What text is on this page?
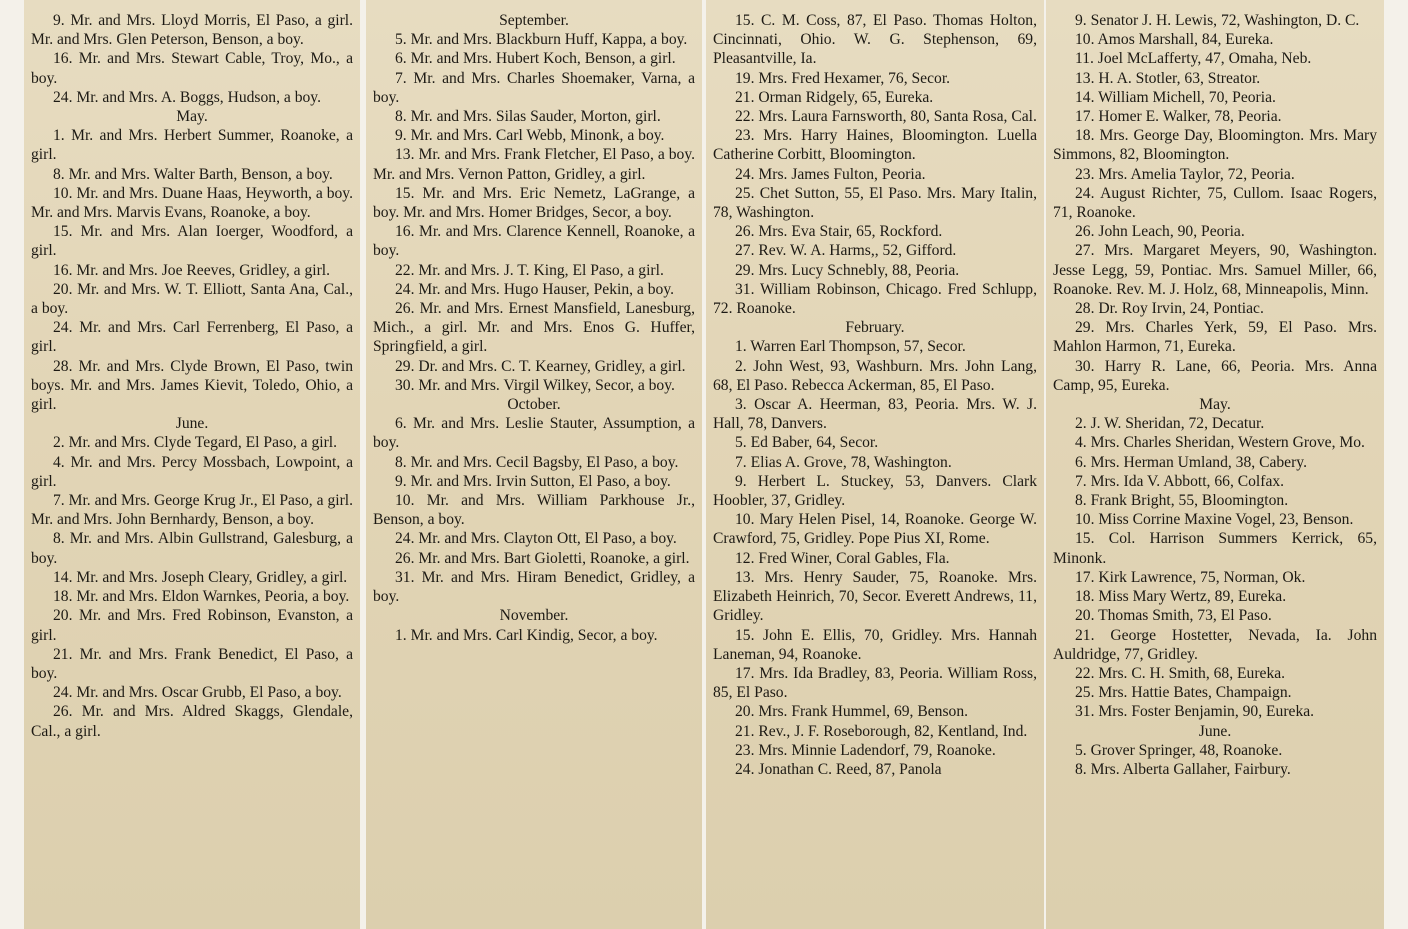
9. Mr. and Mrs. Lloyd Morris, El Paso, a girl. Mr. and Mrs. Glen Peterson, Benson, a boy.

16. Mr. and Mrs. Stewart Cable, Troy, Mo., a boy.

24. Mr. and Mrs. A. Boggs, Hudson, a boy.

May.

1. Mr. and Mrs. Herbert Summer, Roanoke, a girl.

8. Mr. and Mrs. Walter Barth, Benson, a boy.

10. Mr. and Mrs. Duane Haas, Heyworth, a boy. Mr. and Mrs. Marvis Evans, Roanoke, a boy.

15. Mr. and Mrs. Alan Ioerger, Woodford, a girl.

16. Mr. and Mrs. Joe Reeves, Gridley, a girl.

20. Mr. and Mrs. W. T. Elliott, Santa Ana, Cal., a boy.

24. Mr. and Mrs. Carl Ferrenberg, El Paso, a girl.

28. Mr. and Mrs. Clyde Brown, El Paso, twin boys. Mr. and Mrs. James Kievit, Toledo, Ohio, a girl.

June.

2. Mr. and Mrs. Clyde Tegard, El Paso, a girl.

4. Mr. and Mrs. Percy Mossbach, Lowpoint, a girl.

7. Mr. and Mrs. George Krug Jr., El Paso, a girl. Mr. and Mrs. John Bernhardy, Benson, a boy.

8. Mr. and Mrs. Albin Gullstrand, Galesburg, a boy.

14. Mr. and Mrs. Joseph Cleary, Gridley, a girl.

18. Mr. and Mrs. Eldon Warnkes, Peoria, a boy.

20. Mr. and Mrs. Fred Robinson, Evanston, a girl.

21. Mr. and Mrs. Frank Benedict, El Paso, a boy.

24. Mr. and Mrs. Oscar Grubb, El Paso, a boy.

26. Mr. and Mrs. Aldred Skaggs, Glendale, Cal., a girl.

September.

5. Mr. and Mrs. Blackburn Huff, Kappa, a boy.

6. Mr. and Mrs. Hubert Koch, Benson, a girl.

7. Mr. and Mrs. Charles Shoemaker, Varna, a boy.

8. Mr. and Mrs. Silas Sauder, Morton, girl.

9. Mr. and Mrs. Carl Webb, Minonk, a boy.

13. Mr. and Mrs. Frank Fletcher, El Paso, a boy. Mr. and Mrs. Vernon Patton, Gridley, a girl.

15. Mr. and Mrs. Eric Nemetz, LaGrange, a boy. Mr. and Mrs. Homer Bridges, Secor, a boy.

16. Mr. and Mrs. Clarence Kennell, Roanoke, a boy.

22. Mr. and Mrs. J. T. King, El Paso, a girl.

24. Mr. and Mrs. Hugo Hauser, Pekin, a boy.

26. Mr. and Mrs. Ernest Mansfield, Lanesburg, Mich., a girl. Mr. and Mrs. Enos G. Huffer, Springfield, a girl.

29. Dr. and Mrs. C. T. Kearney, Gridley, a girl.

30. Mr. and Mrs. Virgil Wilkey, Secor, a boy.

October.

6. Mr. and Mrs. Leslie Stauter, Assumption, a boy.

8. Mr. and Mrs. Cecil Bagsby, El Paso, a boy.

9. Mr. and Mrs. Irvin Sutton, El Paso, a boy.

10. Mr. and Mrs. William Parkhouse Jr., Benson, a boy.

24. Mr. and Mrs. Clayton Ott, El Paso, a boy.

26. Mr. and Mrs. Bart Gioletti, Roanoke, a girl.

31. Mr. and Mrs. Hiram Benedict, Gridley, a boy.

November.

1. Mr. and Mrs. Carl Kindig, Secor, a boy.

15. C. M. Coss, 87, El Paso. Thomas Holton, Cincinnati, Ohio. W. G. Stephenson, 69, Pleasantville, Ia.

19. Mrs. Fred Hexamer, 76, Secor.

21. Orman Ridgely, 65, Eureka.

22. Mrs. Laura Farnsworth, 80, Santa Rosa, Cal.

23. Mrs. Harry Haines, Bloomington. Luella Catherine Corbitt, Bloomington.

24. Mrs. James Fulton, Peoria.

25. Chet Sutton, 55, El Paso. Mrs. Mary Italin, 78, Washington.

26. Mrs. Eva Stair, 65, Rockford.

27. Rev. W. A. Harms,, 52, Gifford.

29. Mrs. Lucy Schnebly, 88, Peoria.

31. William Robinson, Chicago. Fred Schlupp, 72. Roanoke.

February.

1. Warren Earl Thompson, 57, Secor.

2. John West, 93, Washburn. Mrs. John Lang, 68, El Paso. Rebecca Ackerman, 85, El Paso.

3. Oscar A. Heerman, 83, Peoria. Mrs. W. J. Hall, 78, Danvers.

5. Ed Baber, 64, Secor.

7. Elias A. Grove, 78, Washington.

9. Herbert L. Stuckey, 53, Danvers. Clark Hoobler, 37, Gridley.

10. Mary Helen Pisel, 14, Roanoke. George W. Crawford, 75, Gridley. Pope Pius XI, Rome.

12. Fred Winer, Coral Gables, Fla.

13. Mrs. Henry Sauder, 75, Roanoke. Mrs. Elizabeth Heinrich, 70, Secor. Everett Andrews, 11, Gridley.

15. John E. Ellis, 70, Gridley. Mrs. Hannah Laneman, 94, Roanoke.

17. Mrs. Ida Bradley, 83, Peoria. William Ross, 85, El Paso.

20. Mrs. Frank Hummel, 69, Benson.

21. Rev., J. F. Roseborough, 82, Kentland, Ind.

23. Mrs. Minnie Ladendorf, 79, Roanoke.

24. Jonathan C. Reed, 87, Panola

9. Senator J. H. Lewis, 72, Washington, D. C.

10. Amos Marshall, 84, Eureka.

11. Joel McLafferty, 47, Omaha, Neb.

13. H. A. Stotler, 63, Streator.

14. William Michell, 70, Peoria.

17. Homer E. Walker, 78, Peoria.

18. Mrs. George Day, Bloomington. Mrs. Mary Simmons, 82, Bloomington.

23. Mrs. Amelia Taylor, 72, Peoria.

24. August Richter, 75, Cullom. Isaac Rogers, 71, Roanoke.

26. John Leach, 90, Peoria.

27. Mrs. Margaret Meyers, 90, Washington. Jesse Legg, 59, Pontiac. Mrs. Samuel Miller, 66, Roanoke. Rev. M. J. Holz, 68, Minneapolis, Minn.

28. Dr. Roy Irvin, 24, Pontiac.

29. Mrs. Charles Yerk, 59, El Paso. Mrs. Mahlon Harmon, 71, Eureka.

30. Harry R. Lane, 66, Peoria. Mrs. Anna Camp, 95, Eureka.

May.

2. J. W. Sheridan, 72, Decatur.

4. Mrs. Charles Sheridan, Western Grove, Mo.

6. Mrs. Herman Umland, 38, Cabery.

7. Mrs. Ida V. Abbott, 66, Colfax.

8. Frank Bright, 55, Bloomington.

10. Miss Corrine Maxine Vogel, 23, Benson.

15. Col. Harrison Summers Kerrick, 65, Minonk.

17. Kirk Lawrence, 75, Norman, Ok.

18. Miss Mary Wertz, 89, Eureka.

20. Thomas Smith, 73, El Paso.

21. George Hostetter, Nevada, Ia. John Auldridge, 77, Gridley.

22. Mrs. C. H. Smith, 68, Eureka.

25. Mrs. Hattie Bates, Champaign.

31. Mrs. Foster Benjamin, 90, Eureka.

June.

5. Grover Springer, 48, Roanoke.

8. Mrs. Alberta Gallaher, Fairbury.
